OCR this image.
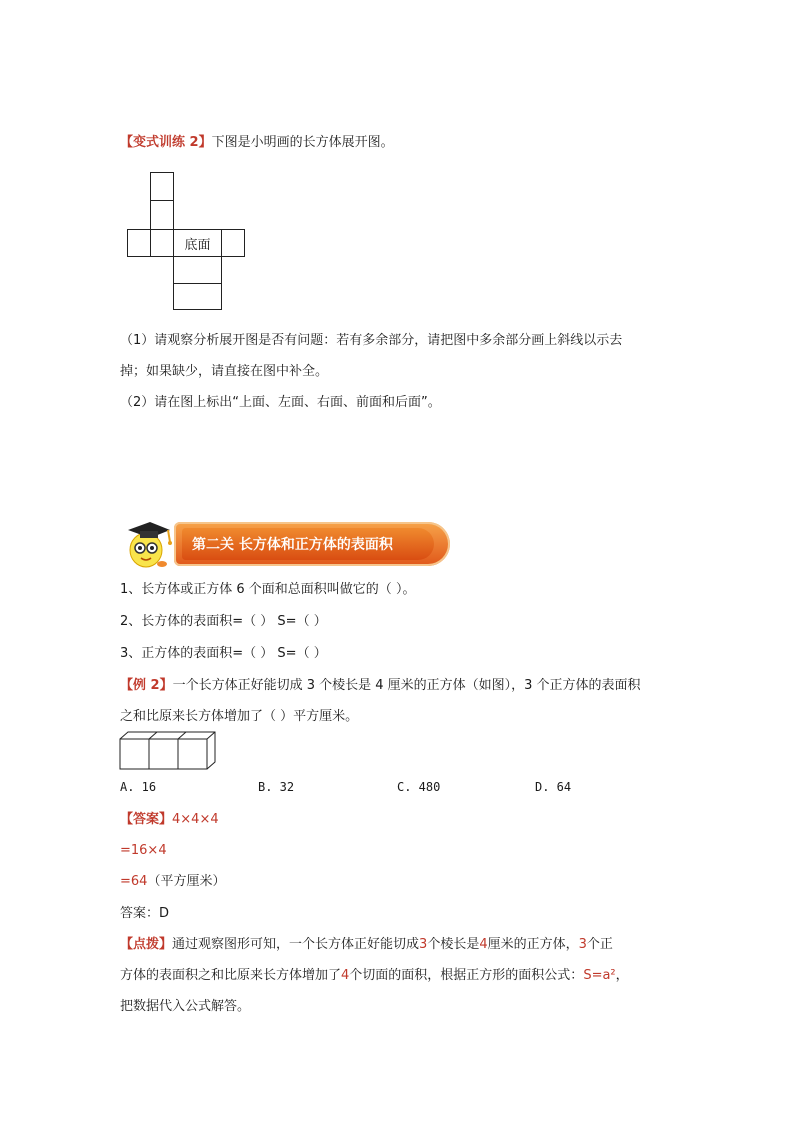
【变式训练 2】下图是小明画的长方体展开图。
底面
（1）请观察分析展开图是否有问题：若有多余部分，请把图中多余部分画上斜线以示去
掉；如果缺少，请直接在图中补全。
（2）请在图上标出“上面、左面、右面、前面和后面”。
第二关 长方体和正方体的表面积
1、长方体或正方体 6 个面和总面积叫做它的（ ）。
2、长方体的表面积=（ ） S=（ ）
3、正方体的表面积=（ ） S=（ ）
【例 2】一个长方体正好能切成 3 个棱长是 4 厘米的正方体（如图），3 个正方体的表面积
之和比原来长方体增加了（ ）平方厘米。
A. 16	B. 32	C. 480	D. 64
【答案】4×4×4
=16×4
=64（平方厘米）
答案：D
【点拨】通过观察图形可知，一个长方体正好能切成3个棱长是4厘米的正方体，3个正
方体的表面积之和比原来长方体增加了4个切面的面积，根据正方形的面积公式：S=a²，
把数据代入公式解答。
